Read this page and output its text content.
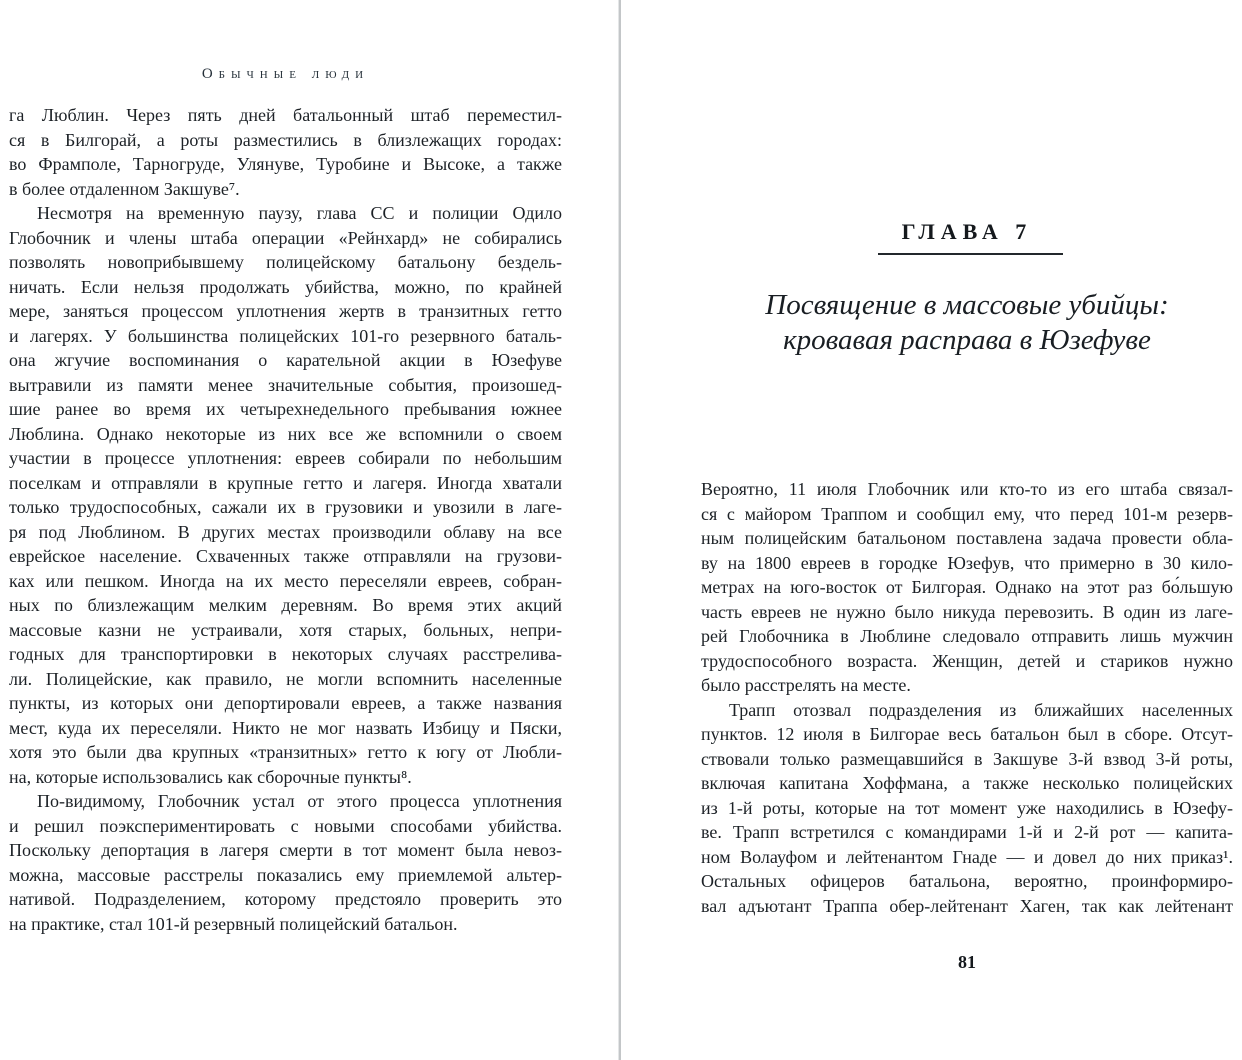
Обычные люди
га Люблин. Через пять дней батальонный штаб переместил-
ся в Билгорай, а роты разместились в близлежащих городах:
во Фрамполе, Тарногруде, Улянуве, Туробине и Высоке, а также
в более отдаленном Закшуве⁷.
Несмотря на временную паузу, глава СС и полиции Одило
Глобочник и члены штаба операции «Рейнхард» не собирались
позволять новоприбывшему полицейскому батальону бездель-
ничать. Если нельзя продолжать убийства, можно, по крайней
мере, заняться процессом уплотнения жертв в транзитных гетто
и лагерях. У большинства полицейских 101-го резервного баталь-
она жгучие воспоминания о карательной акции в Юзефуве
вытравили из памяти менее значительные события, произошед-
шие ранее во время их четырехнедельного пребывания южнее
Люблина. Однако некоторые из них все же вспомнили о своем
участии в процессе уплотнения: евреев собирали по небольшим
поселкам и отправляли в крупные гетто и лагеря. Иногда хватали
только трудоспособных, сажали их в грузовики и увозили в лаге-
ря под Люблином. В других местах производили облаву на все
еврейское население. Схваченных также отправляли на грузови-
ках или пешком. Иногда на их место переселяли евреев, собран-
ных по близлежащим мелким деревням. Во время этих акций
массовые казни не устраивали, хотя старых, больных, непри-
годных для транспортировки в некоторых случаях расстрелива-
ли. Полицейские, как правило, не могли вспомнить населенные
пункты, из которых они депортировали евреев, а также названия
мест, куда их переселяли. Никто не мог назвать Избицу и Пяски,
хотя это были два крупных «транзитных» гетто к югу от Любли-
на, которые использовались как сборочные пункты⁸.
По-видимому, Глобочник устал от этого процесса уплотнения
и решил поэкспериментировать с новыми способами убийства.
Поскольку депортация в лагеря смерти в тот момент была невоз-
можна, массовые расстрелы показались ему приемлемой альтер-
нативой. Подразделением, которому предстояло проверить это
на практике, стал 101-й резервный полицейский батальон.
ГЛАВА 7
Посвящение в массовые убийцы:
кровавая расправа в Юзефуве
Вероятно, 11 июля Глобочник или кто-то из его штаба связал-
ся с майором Траппом и сообщил ему, что перед 101-м резерв-
ным полицейским батальоном поставлена задача провести обла-
ву на 1800 евреев в городке Юзефув, что примерно в 30 кило-
метрах на юго-восток от Билгорая. Однако на этот раз бо́льшую
часть евреев не нужно было никуда перевозить. В один из лаге-
рей Глобочника в Люблине следовало отправить лишь мужчин
трудоспособного возраста. Женщин, детей и стариков нужно
было расстрелять на месте.
Трапп отозвал подразделения из ближайших населенных
пунктов. 12 июля в Билгорае весь батальон был в сборе. Отсут-
ствовали только размещавшийся в Закшуве 3-й взвод 3-й роты,
включая капитана Хоффмана, а также несколько полицейских
из 1-й роты, которые на тот момент уже находились в Юзефу-
ве. Трапп встретился с командирами 1-й и 2-й рот — капита-
ном Волауфом и лейтенантом Гнаде — и довел до них приказ¹.
Остальных офицеров батальона, вероятно, проинформиро-
вал адъютант Траппа обер-лейтенант Хаген, так как лейтенант
81
